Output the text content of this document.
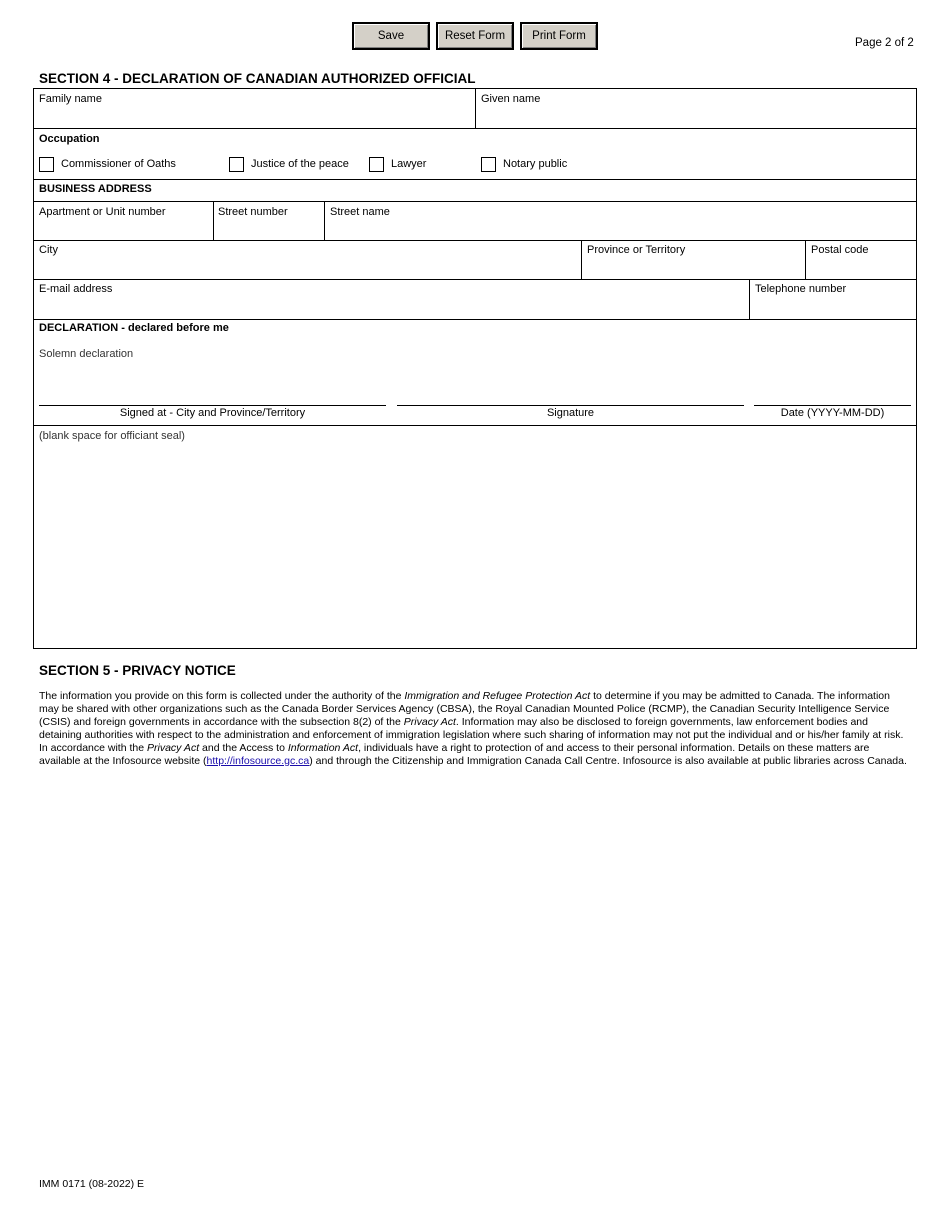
Save	Reset Form	Print Form
Page 2 of 2
SECTION 4 - DECLARATION OF CANADIAN AUTHORIZED OFFICIAL
Family name	Given name
Occupation
Commissioner of Oaths	Justice of the peace	Lawyer	Notary public
BUSINESS ADDRESS
Apartment or Unit number	Street number	Street name
City	Province or Territory	Postal code
E-mail address	Telephone number
DECLARATION - declared before me
Solemn declaration
Signed at - City and Province/Territory	Signature	Date (YYYY-MM-DD)
(blank space for officiant seal)
SECTION 5 - PRIVACY NOTICE
The information you provide on this form is collected under the authority of the Immigration and Refugee Protection Act to determine if you may be admitted to Canada. The information may be shared with other organizations such as the Canada Border Services Agency (CBSA), the Royal Canadian Mounted Police (RCMP), the Canadian Security Intelligence Service (CSIS) and foreign governments in accordance with the subsection 8(2) of the Privacy Act. Information may also be disclosed to foreign governments, law enforcement bodies and detaining authorities with respect to the administration and enforcement of immigration legislation where such sharing of information may not put the individual and or his/her family at risk. In accordance with the Privacy Act and the Access to Information Act, individuals have a right to protection of and access to their personal information. Details on these matters are available at the Infosource website (http://infosource.gc.ca) and through the Citizenship and Immigration Canada Call Centre. Infosource is also available at public libraries across Canada.
IMM 0171 (08-2022) E
